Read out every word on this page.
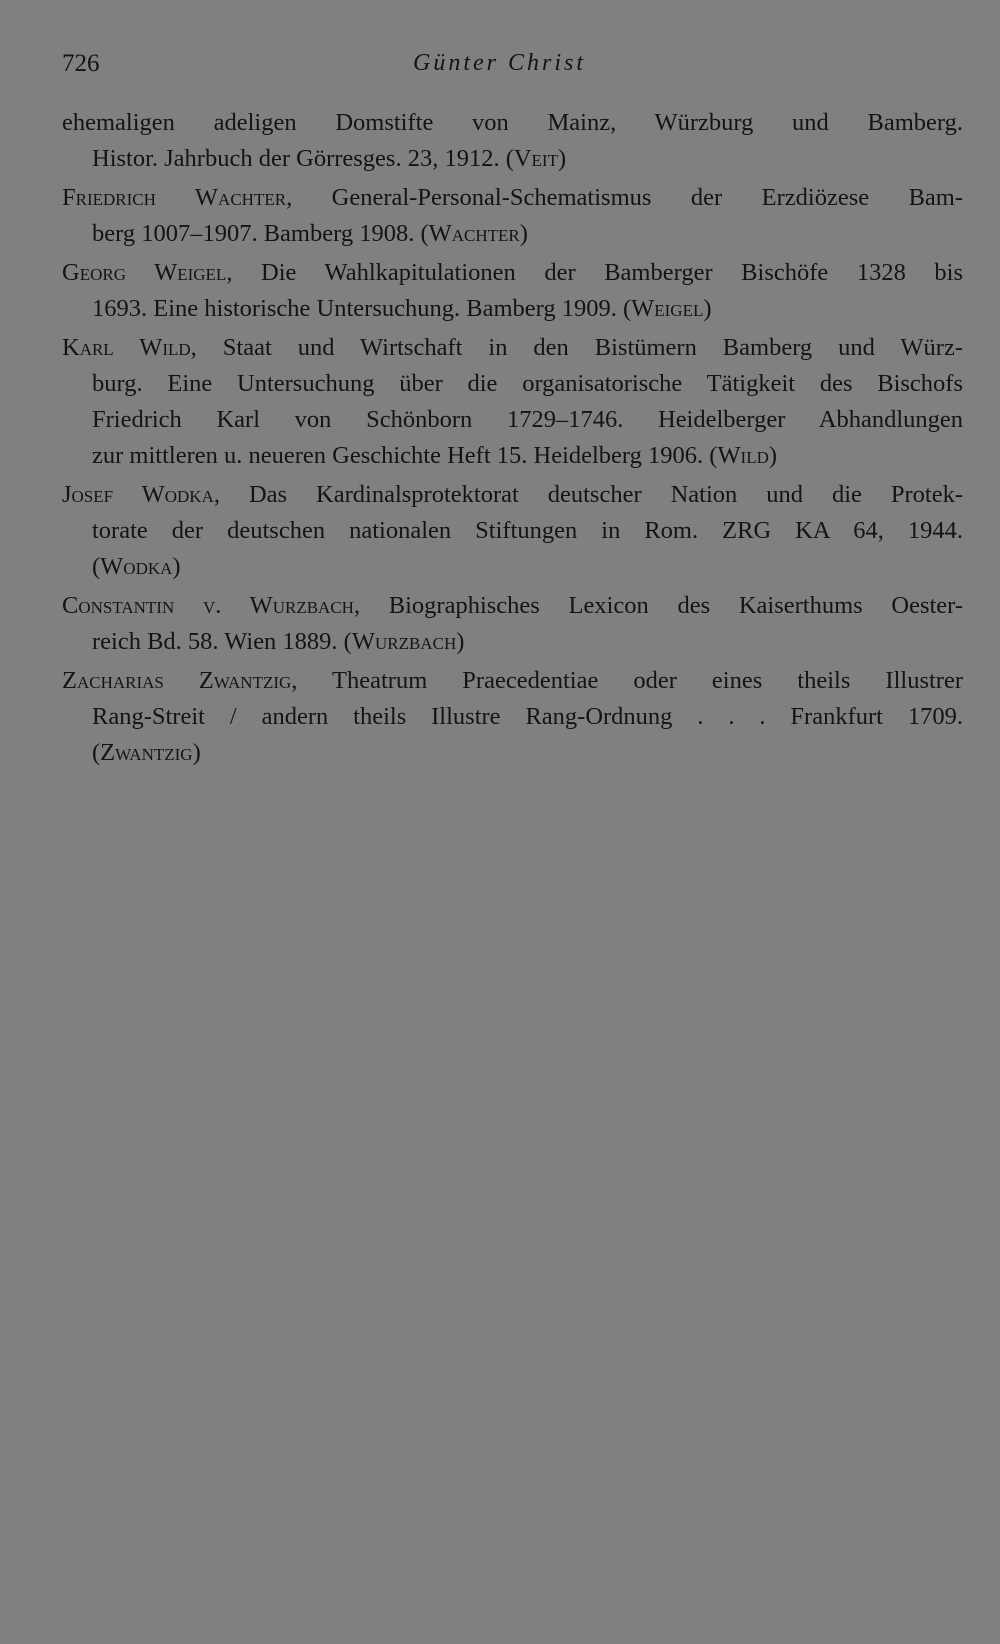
726	Günter Christ
ehemaligen adeligen Domstifte von Mainz, Würzburg und Bamberg.
Histor. Jahrbuch der Görresges. 23, 1912. (Veit)
Friedrich Wachter, General-Personal-Schematismus der Erzdiözese Bam-
berg 1007–1907. Bamberg 1908. (Wachter)
Georg Weigel, Die Wahlkapitulationen der Bamberger Bischöfe 1328 bis
1693. Eine historische Untersuchung. Bamberg 1909. (Weigel)
Karl Wild, Staat und Wirtschaft in den Bistümern Bamberg und Würz-
burg. Eine Untersuchung über die organisatorische Tätigkeit des Bischofs
Friedrich Karl von Schönborn 1729–1746. Heidelberger Abhandlungen
zur mittleren u. neueren Geschichte Heft 15. Heidelberg 1906. (Wild)
Josef Wodka, Das Kardinalsprotektorat deutscher Nation und die Protek-
torate der deutschen nationalen Stiftungen in Rom. ZRG KA 64, 1944.
(Wodka)
Constantin v. Wurzbach, Biographisches Lexicon des Kaiserthums Oester-
reich Bd. 58. Wien 1889. (Wurzbach)
Zacharias Zwantzig, Theatrum Praecedentiae oder eines theils Illustrer
Rang-Streit / andern theils Illustre Rang-Ordnung . . . Frankfurt 1709.
(Zwantzig)
